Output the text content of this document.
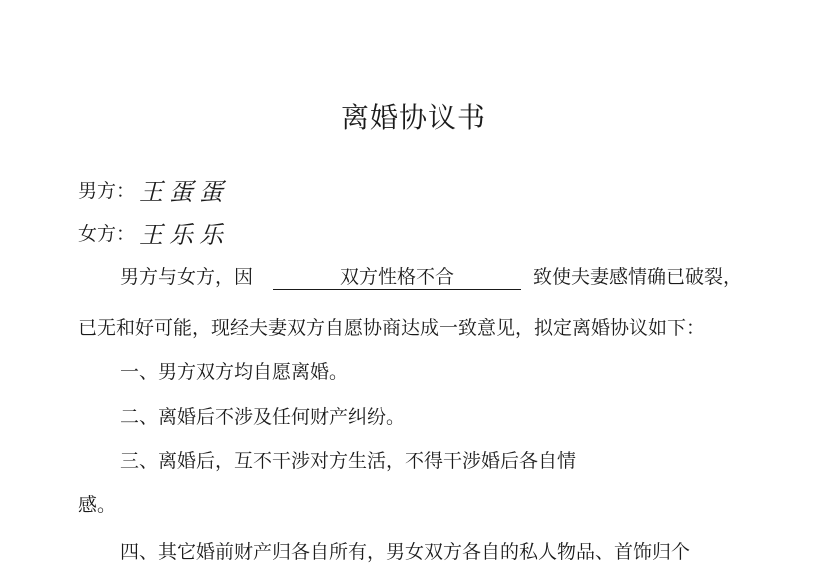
离婚协议书
男方： 王蛋蛋
女方： 王乐乐
男方与女方，因	双方性格不合	致使夫妻感情确已破裂，
已无和好可能，现经夫妻双方自愿协商达成一致意见，拟定离婚协议如下：
一、男方双方均自愿离婚。
二、离婚后不涉及任何财产纠纷。
三、离婚后，互不干涉对方生活，不得干涉婚后各自情
感。
四、其它婚前财产归各自所有，男女双方各自的私人物品、首饰归个
